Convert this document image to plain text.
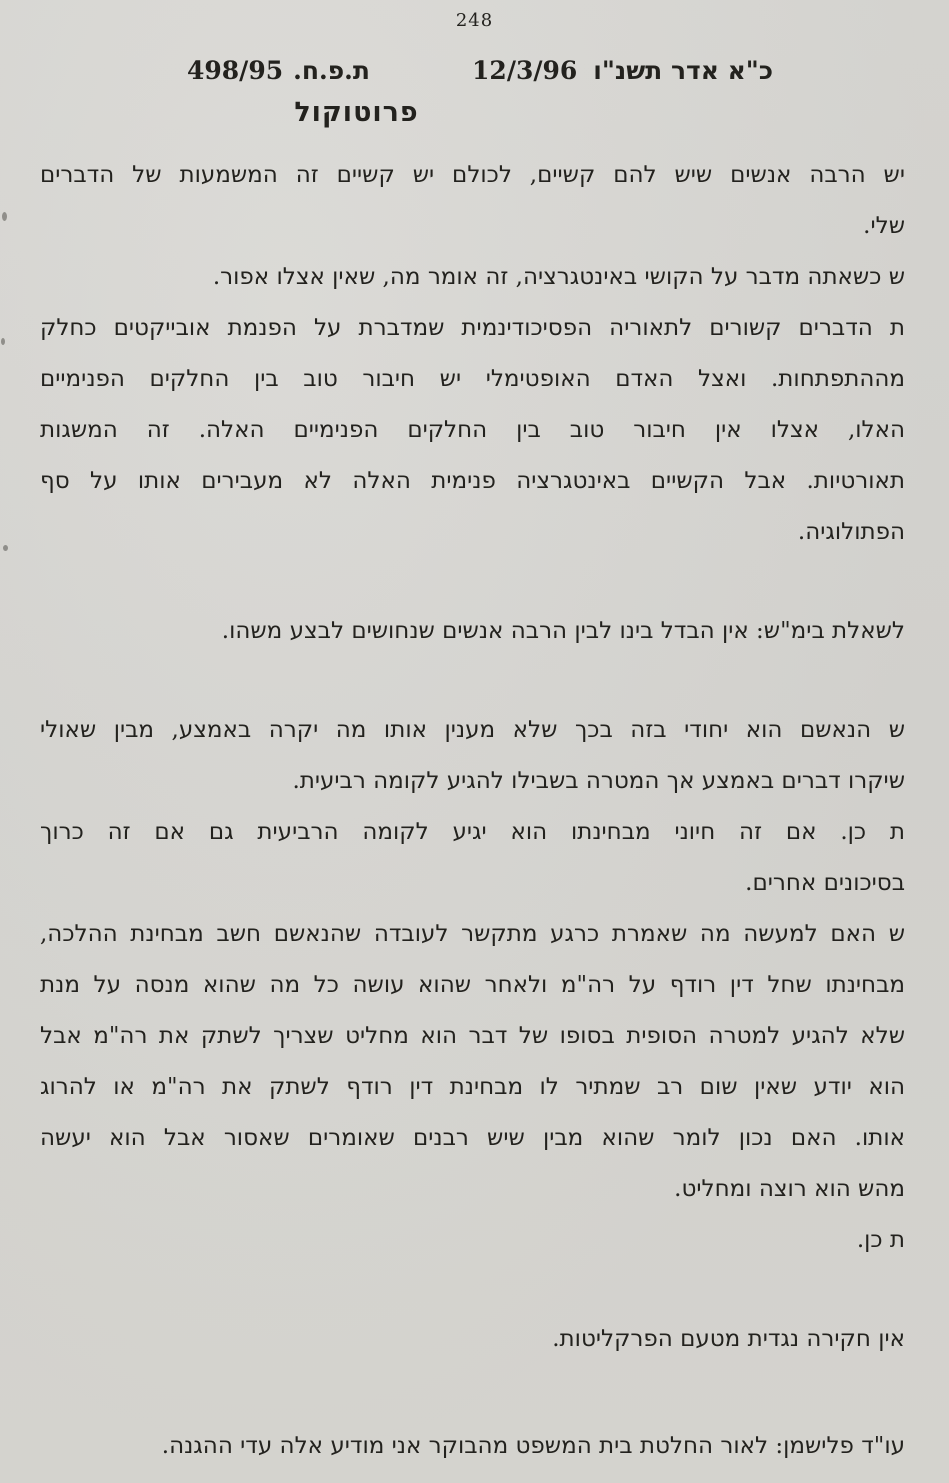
248
כ"א אדר תשנ"ו
12/3/96
ת.פ.ח.
498/95
פרוטוקול
יש הרבה אנשים שיש להם קשיים, לכולם יש קשיים זה המשמעות של הדברים
שלי.
ש כשאתה מדבר על הקושי באינטגרציה, זה אומר מה, שאין אצלו אפור.
ת הדברים קשורים לתאוריה הפסיכודינמית שמדברת על הפנמת אובייקטים כחלק
מההתפתחות. ואצל האדם האופטימלי יש חיבור טוב בין החלקים הפנימיים
האלו, אצלו אין חיבור טוב בין החלקים הפנימיים האלה. זה המשגות
תאורטיות. אבל הקשיים באינטגרציה פנימית האלה לא מעבירים אותו על סף
הפתולוגיה.
לשאלת בימ"ש: אין הבדל בינו לבין הרבה אנשים שנחושים לבצע משהו.
ש הנאשם הוא יחודי בזה בכך שלא מענין אותו מה יקרה באמצע, מבין שאולי
שיקרו דברים באמצע אך המטרה בשבילו להגיע לקומה רביעית.
ת כן. אם זה חיוני מבחינתו הוא יגיע לקומה הרביעית גם אם זה כרוך
בסיכונים אחרים.
ש האם למעשה מה שאמרת כרגע מתקשר לעובדה שהנאשם חשב מבחינת ההלכה,
מבחינתו שחל דין רודף על רה"מ ולאחר שהוא עושה כל מה שהוא מנסה על מנת
שלא להגיע למטרה הסופית בסופו של דבר הוא מחליט שצריך לשתק את רה"מ אבל
הוא יודע שאין שום רב שמתיר לו מבחינת דין רודף לשתק את רה"מ או להרוג
אותו. האם נכון לומר שהוא מבין שיש רבנים שאומרים שאסור אבל הוא יעשה
מהש הוא רוצה ומחליט.
ת כן.
אין חקירה נגדית מטעם הפרקליטות.
עו"ד פלישמן: לאור החלטת בית המשפט מהבוקר אני מודיע אלה עדי ההגנה.
